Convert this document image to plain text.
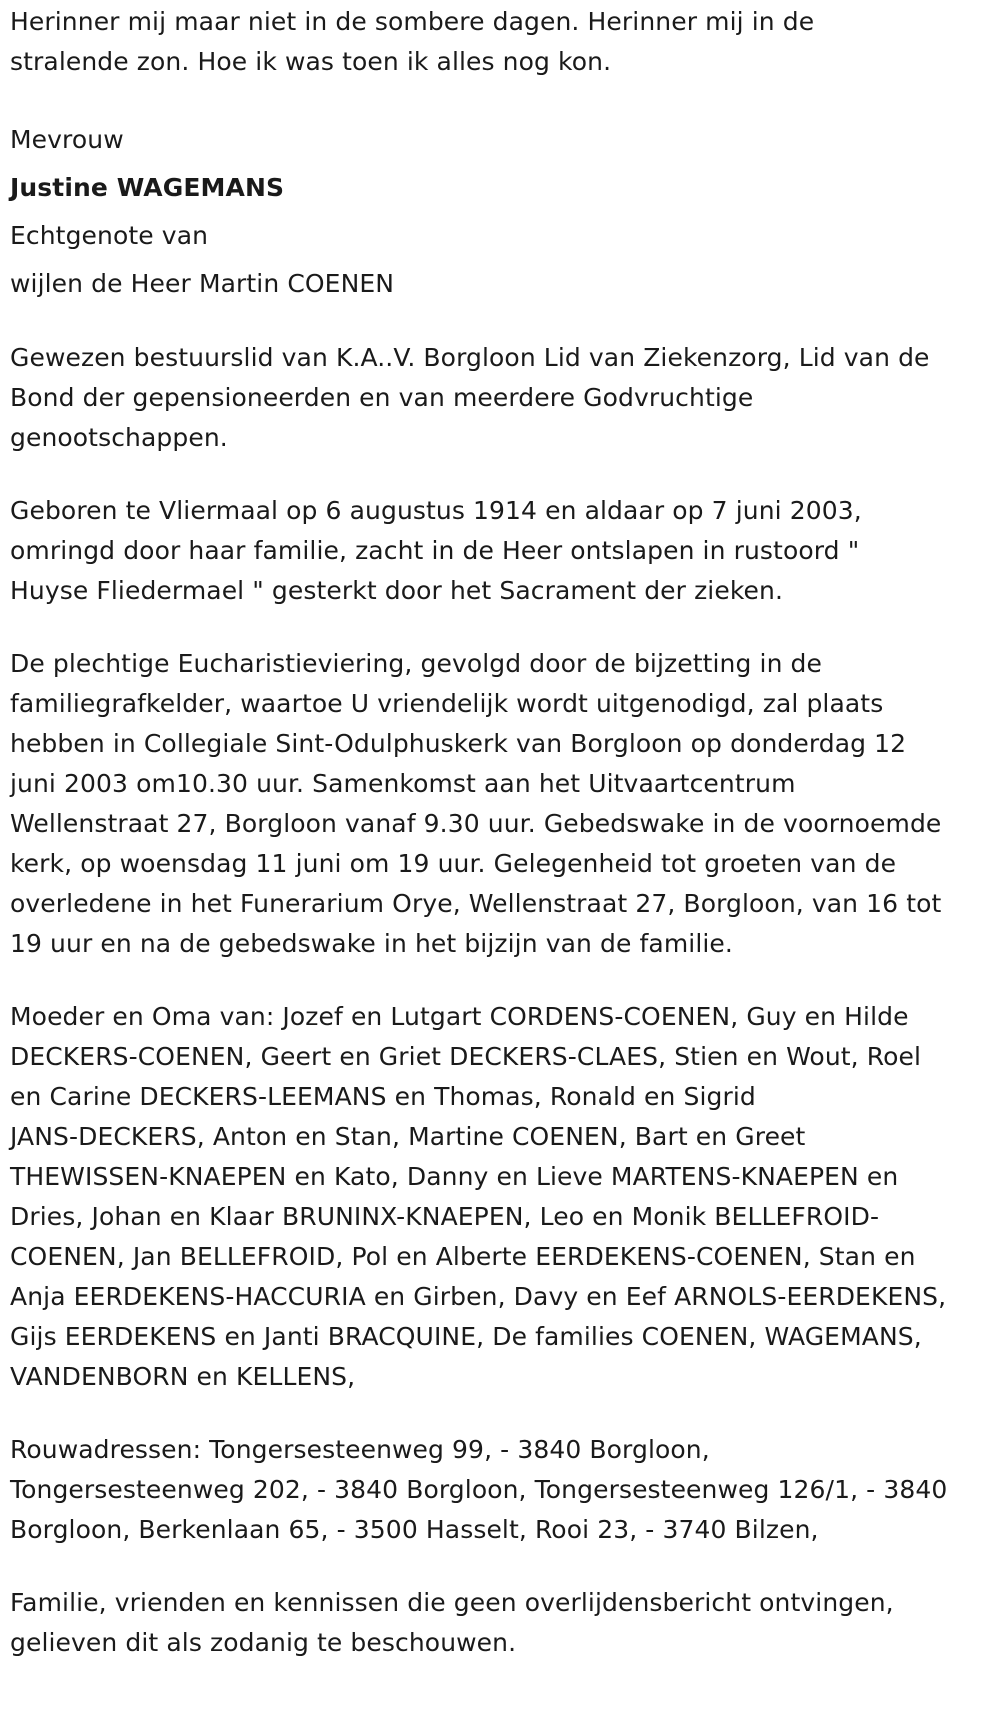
Herinner mij maar niet in de sombere dagen. Herinner mij in de
stralende zon. Hoe ik was toen ik alles nog kon.
Mevrouw
Justine WAGEMANS
Echtgenote van
wijlen de Heer Martin COENEN
Gewezen bestuurslid van K.A..V. Borgloon Lid van Ziekenzorg, Lid van de
Bond der gepensioneerden en van meerdere Godvruchtige
genootschappen.
Geboren te Vliermaal op 6 augustus 1914 en aldaar op 7 juni 2003,
omringd door haar familie, zacht in de Heer ontslapen in rustoord "
Huyse Fliedermael " gesterkt door het Sacrament der zieken.
De plechtige Eucharistieviering, gevolgd door de bijzetting in de
familiegrafkelder, waartoe U vriendelijk wordt uitgenodigd, zal plaats
hebben in Collegiale Sint-Odulphuskerk van Borgloon op donderdag 12
juni 2003 om10.30 uur. Samenkomst aan het Uitvaartcentrum
Wellenstraat 27, Borgloon vanaf 9.30 uur. Gebedswake in de voornoemde
kerk, op woensdag 11 juni om 19 uur. Gelegenheid tot groeten van de
overledene in het Funerarium Orye, Wellenstraat 27, Borgloon, van 16 tot
19 uur en na de gebedswake in het bijzijn van de familie.
Moeder en Oma van: Jozef en Lutgart CORDENS-COENEN, Guy en Hilde
DECKERS-COENEN, Geert en Griet DECKERS-CLAES, Stien en Wout, Roel
en Carine DECKERS-LEEMANS en Thomas, Ronald en Sigrid
JANS-DECKERS, Anton en Stan, Martine COENEN, Bart en Greet
THEWISSEN-KNAEPEN en Kato, Danny en Lieve MARTENS-KNAEPEN en
Dries, Johan en Klaar BRUNINX-KNAEPEN, Leo en Monik BELLEFROID-
COENEN, Jan BELLEFROID, Pol en Alberte EERDEKENS-COENEN, Stan en
Anja EERDEKENS-HACCURIA en Girben, Davy en Eef ARNOLS-EERDEKENS,
Gijs EERDEKENS en Janti BRACQUINE, De families COENEN, WAGEMANS,
VANDENBORN en KELLENS,
Rouwadressen: Tongersesteenweg 99, - 3840 Borgloon,
Tongersesteenweg 202, - 3840 Borgloon, Tongersesteenweg 126/1, - 3840
Borgloon, Berkenlaan 65, - 3500 Hasselt, Rooi 23, - 3740 Bilzen,
Familie, vrienden en kennissen die geen overlijdensbericht ontvingen,
gelieven dit als zodanig te beschouwen.
